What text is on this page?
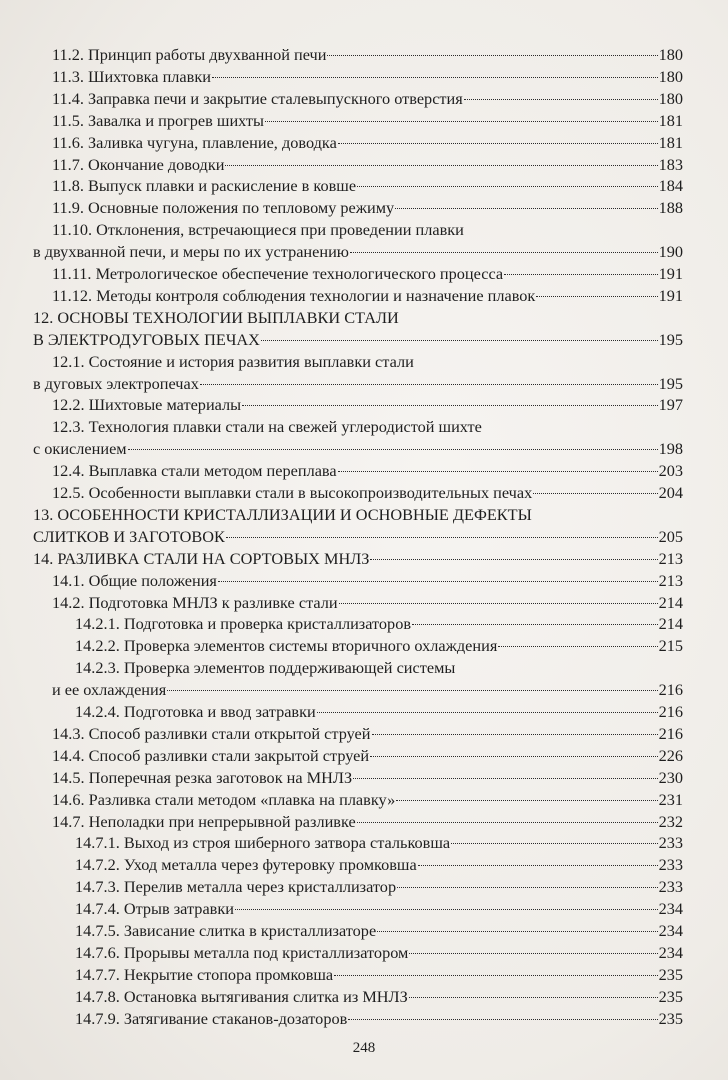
11.2. Принцип работы двухванной печи	180
11.3. Шихтовка плавки	180
11.4. Заправка печи и закрытие сталевыпускного отверстия	180
11.5. Завалка и прогрев шихты	181
11.6. Заливка чугуна, плавление, доводка	181
11.7. Окончание доводки	183
11.8. Выпуск плавки и раскисление в ковше	184
11.9. Основные положения по тепловому режиму	188
11.10. Отклонения, встречающиеся при проведении плавки
в двухванной печи, и меры по их устранению	190
11.11. Метрологическое обеспечение технологического процесса	191
11.12. Методы контроля соблюдения технологии и назначение плавок	191
12. ОСНОВЫ ТЕХНОЛОГИИ ВЫПЛАВКИ СТАЛИ
В ЭЛЕКТРОДУГОВЫХ ПЕЧАХ	195
12.1. Состояние и история развития выплавки стали
в дуговых электропечах	195
12.2. Шихтовые материалы	197
12.3. Технология плавки стали на свежей углеродистой шихте
с окислением	198
12.4. Выплавка стали методом переплава	203
12.5. Особенности выплавки стали в высокопроизводительных печах	204
13. ОСОБЕННОСТИ КРИСТАЛЛИЗАЦИИ И ОСНОВНЫЕ ДЕФЕКТЫ
СЛИТКОВ И ЗАГОТОВОК	205
14. РАЗЛИВКА СТАЛИ НА СОРТОВЫХ МНЛЗ	213
14.1. Общие положения	213
14.2. Подготовка МНЛЗ к разливке стали	214
14.2.1. Подготовка и проверка кристаллизаторов	214
14.2.2. Проверка элементов системы вторичного охлаждения	215
14.2.3. Проверка элементов поддерживающей системы
и ее охлаждения	216
14.2.4. Подготовка и ввод затравки	216
14.3. Способ разливки стали открытой струей	216
14.4. Способ разливки стали закрытой струей	226
14.5. Поперечная резка заготовок на МНЛЗ	230
14.6. Разливка стали методом «плавка на плавку»	231
14.7. Неполадки при непрерывной разливке	232
14.7.1. Выход из строя шиберного затвора стальковша	233
14.7.2. Уход металла через футеровку промковша	233
14.7.3. Перелив металла через кристаллизатор	233
14.7.4. Отрыв затравки	234
14.7.5. Зависание слитка в кристаллизаторе	234
14.7.6. Прорывы металла под кристаллизатором	234
14.7.7. Некрытие стопора промковша	235
14.7.8. Остановка вытягивания слитка из МНЛЗ	235
14.7.9. Затягивание стаканов-дозаторов	235
248
